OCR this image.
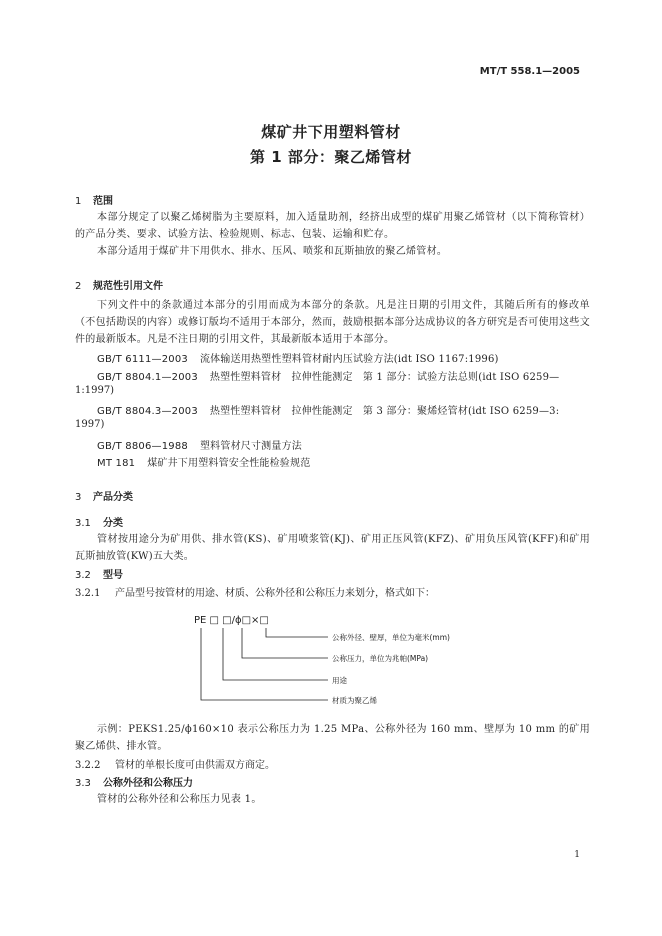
MT/T 558.1—2005
煤矿井下用塑料管材
第 1 部分：聚乙烯管材
1 范围
本部分规定了以聚乙烯树脂为主要原料，加入适量助剂，经挤出成型的煤矿用聚乙烯管材（以下简称管材）的产品分类、要求、试验方法、检验规则、标志、包装、运输和贮存。
本部分适用于煤矿井下用供水、排水、压风、喷浆和瓦斯抽放的聚乙烯管材。
2 规范性引用文件
下列文件中的条款通过本部分的引用而成为本部分的条款。凡是注日期的引用文件，其随后所有的修改单（不包括勘误的内容）或修订版均不适用于本部分，然而，鼓励根据本部分达成协议的各方研究是否可使用这些文件的最新版本。凡是不注日期的引用文件，其最新版本适用于本部分。
GB/T 6111—2003 流体输送用热塑性塑料管材耐内压试验方法(idt ISO 1167:1996)
GB/T 8804.1—2003 热塑性塑料管材　拉伸性能测定　第 1 部分：试验方法总则(idt ISO 6259—
1:1997)
GB/T 8804.3—2003 热塑性塑料管材　拉伸性能测定　第 3 部分：聚烯烃管材(idt ISO 6259—3:
1997)
GB/T 8806—1988 塑料管材尺寸测量方法
MT 181 煤矿井下用塑料管安全性能检验规范
3 产品分类
3.1 分类
管材按用途分为矿用供、排水管(KS)、矿用喷浆管(KJ)、矿用正压风管(KFZ)、矿用负压风管(KFF)和矿用瓦斯抽放管(KW)五大类。
3.2 型号
3.2.1 产品型号按管材的用途、材质、公称外径和公称压力来划分，格式如下：
PE □ □/ϕ□×□
公称外径、壁厚，单位为毫米(mm)
公称压力，单位为兆帕(MPa)
用途
材质为聚乙烯
示例：PEKS1.25/ϕ160×10 表示公称压力为 1.25 MPa、公称外径为 160 mm、壁厚为 10 mm 的矿用聚乙烯供、排水管。
3.2.2 管材的单根长度可由供需双方商定。
3.3 公称外径和公称压力
管材的公称外径和公称压力见表 1。
1
